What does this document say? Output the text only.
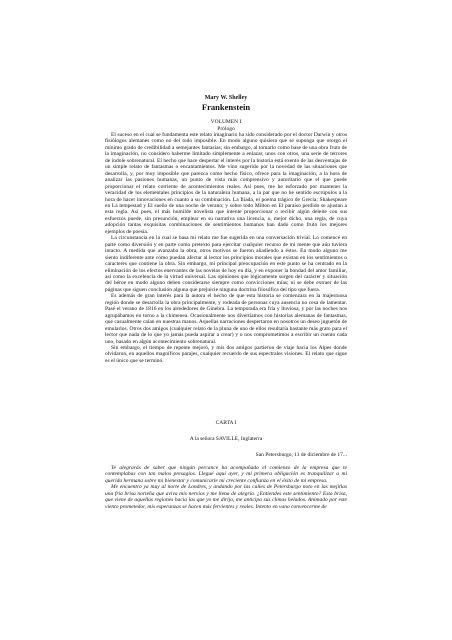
Mary W. Shelley
Frankenstein
VOLUMEN I
Prólogo

El suceso en el cual se fundamenta este relato imaginario ha sido considerado por el doctor Darwin y otros fisiólogos alemanes como no del todo imposible. En modo alguno quisiera que se suponga que otorgo el mínimo grado de credibilidad a semejantes fantasías; sin embargo, al tomarlo como base de una obra fruto de la imaginación, no considero haberme limitado simplemente a enlazar, unos con otros, una serie de terrores de índole sobrenatural. El hecho que hace despertar el interés por la historia está exento de las desventajas de un simple relato de fantasmas o encantamientos. Me vino sugerido por la novedad de las situaciones que desarrolla, y, por muy imposible que parezca como hecho físico, ofrece para la imaginación, a la hora de analizar las pasiones humanas, un punto de vista más comprensivo y autoritario que el que puede proporcionar el relato corriente de acontecimientos reales. Así pues, me he esforzado por mantener la veracidad de los elementales principios de la naturaleza humana, a la par que no he sentido escrúpulos a la hora de hacer innovaciones en cuanto a su combinación. La Ilíada, el poema trágico de Grecia; Shakespeare en La tempestad y El sueño de una noche de verano; y sobre todo Milton en El paraíso perdido se ajustan a esta regla. Así pues, el más humilde novelista que intente proporcionar o recibir algún deleite con sus esfuerzos puede, sin presunción, emplear en su narrativa una licencia, o, mejor dicho, una regla, de cuya adopción tantas exquisitas combinaciones de sentimientos humanos han dado como fruto los mejores ejemplos de poesía.

La circunstancia en la cual se basa mi relato me fue sugerida en una conversación trivial. Lo comencé en parte como diversión y en parte como pretexto para ejercitar cualquier recurso de mi mente que aún tuviera intacto. A medida que avanzaba la obra, otros motivos se fueron añadiendo a éstos. En modo alguno me siento indiferente ante cómo puedan afectar al lector los principios morales que existan en los sentimientos o caracteres que contiene la obra. Sin embargo, mi principal preocupación en este punto se ha centrado en la eliminación de los efectos enervantes de las novelas de hoy en día, y en exponer la bondad del amor familiar, así como la excelencia de la virtud universal. Las opiniones que lógicamente surgen del carácter y situación del héroe en modo alguno deben considerarse siempre como convicciones mías; ni se debe extraer de las páginas que siguen conclusión alguna que prejuicie ninguna doctrina filosófica del tipo que fuera.

Es además de gran interés para la autora el hecho de que esta historia se comenzara en la majestuosa región donde se desarrolla la obra principalmente, y rodeada de personas cuya ausencia no cesa de lamentar. Pasé el verano de 1816 en los alrededores de Ginebra. La temporada era fría y lluviosa, y por las noches nos agrupábamos en torno a la chimenea. Ocasionalmente nos divertíamos con historias alemanas de fantasmas, que casualmente caían en nuestras manos. Aquellas narraciones despertaron en nosotros un deseo juguetón de emularlos. Otros dos amigos (cualquier relato de la pluna de uno de ellos resultaría bastante más grato para el lector que nada de lo que yo jamás pueda aspirar a crear) y o nos comprometimos a escribir un cuento cada uno, basado en algún acontecimiento sobrenatural.

Sin embargo, el tiempo de repente mejoró, y mis dos amigos partieron de viaje hacia los Alpes donde olvidaron, en aquellos magníficos parajes, cualquier recuerdo de sus espectrales visiones. El relato que sigue es el único que se terminó.

CARTA I
A la señora SAVILLE, Inglaterra
San Petersburgo, 11 de diciembre de 17...

Te alegrarás de saber que ningún percance ha acompañado el comienzo de la empresa que te contemplabas con tan malos presagios. Llegué aquí ayer, y mi primera obligación es tranquilizar a mi querida hermana sobre mi bienestar y comunicarle mi creciente confianza en el éxito de mi empresa.

Me encuentro ya muy al norte de Londres, y andando por las calles de Petersburgo noto en las mejillas una fría brisa norteña que aviva mis nervios y me llena de alegría. ¿Entiendes este sentimiento? Esta brisa, que viene de aquellas regiones hacia las que yo me dirijo, me anticipa sus climas helados. Animado por este viento prometedor, mis esperanzas se hacen más fervientes y reales. Intento en vano convencerme de
